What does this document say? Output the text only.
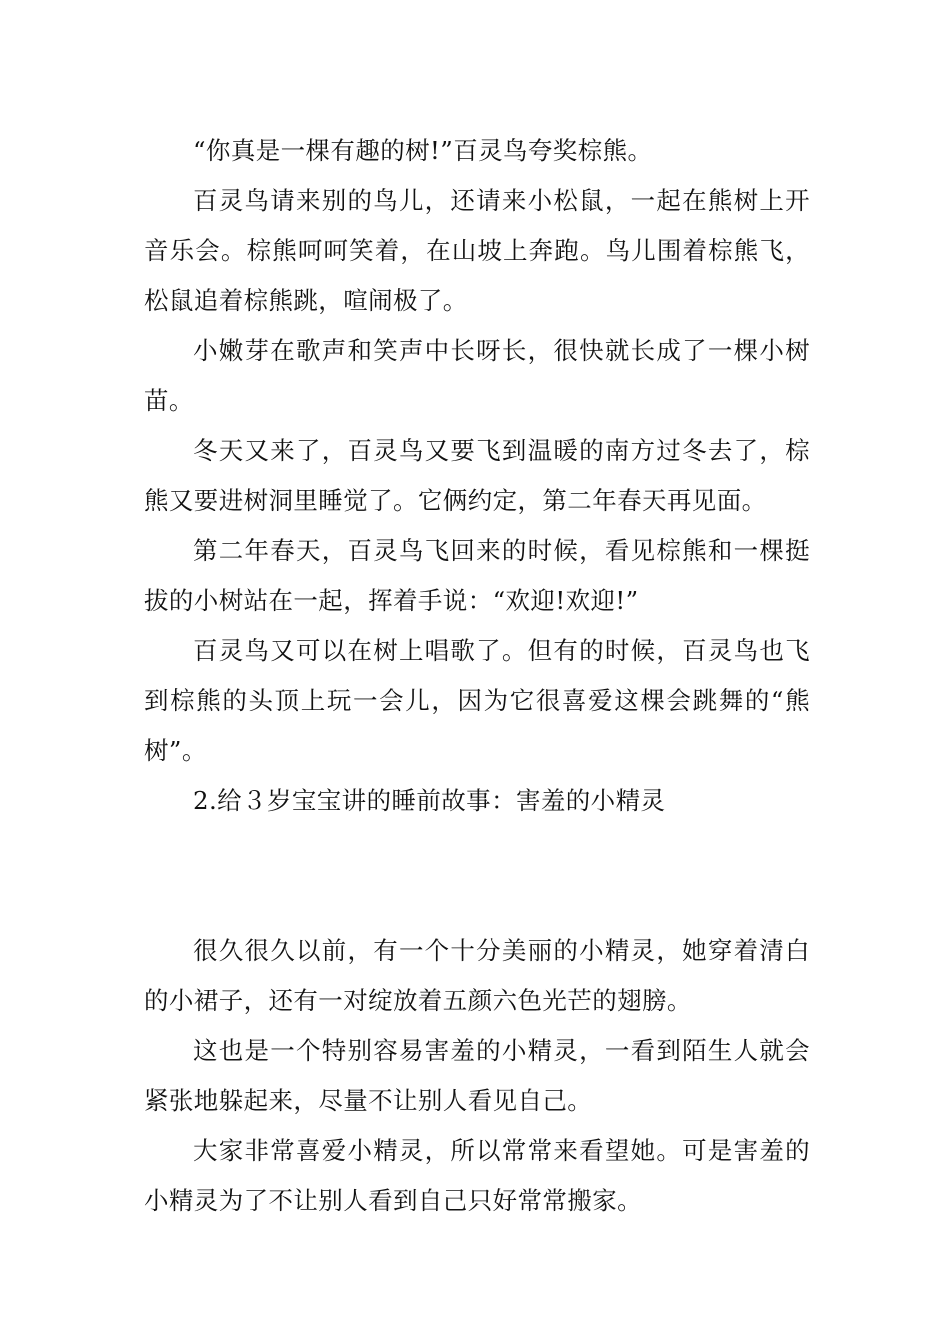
“你真是一棵有趣的树!”百灵鸟夸奖棕熊。

百灵鸟请来别的鸟儿，还请来小松鼠，一起在熊树上开音乐会。棕熊呵呵笑着，在山坡上奔跑。鸟儿围着棕熊飞，松鼠追着棕熊跳，喧闹极了。

小嫩芽在歌声和笑声中长呀长，很快就长成了一棵小树苗。

冬天又来了，百灵鸟又要飞到温暖的南方过冬去了，棕熊又要进树洞里睡觉了。它俩约定，第二年春天再见面。

第二年春天，百灵鸟飞回来的时候，看见棕熊和一棵挺拔的小树站在一起，挥着手说：“欢迎!欢迎!”

百灵鸟又可以在树上唱歌了。但有的时候，百灵鸟也飞到棕熊的头顶上玩一会儿，因为它很喜爱这棵会跳舞的“熊树”。

2.给３岁宝宝讲的睡前故事：害羞的小精灵

很久很久以前，有一个十分美丽的小精灵，她穿着清白的小裙子，还有一对绽放着五颜六色光芒的翅膀。

这也是一个特别容易害羞的小精灵，一看到陌生人就会紧张地躲起来，尽量不让别人看见自己。

大家非常喜爱小精灵，所以常常来看望她。可是害羞的小精灵为了不让别人看到自己只好常常搬家。
